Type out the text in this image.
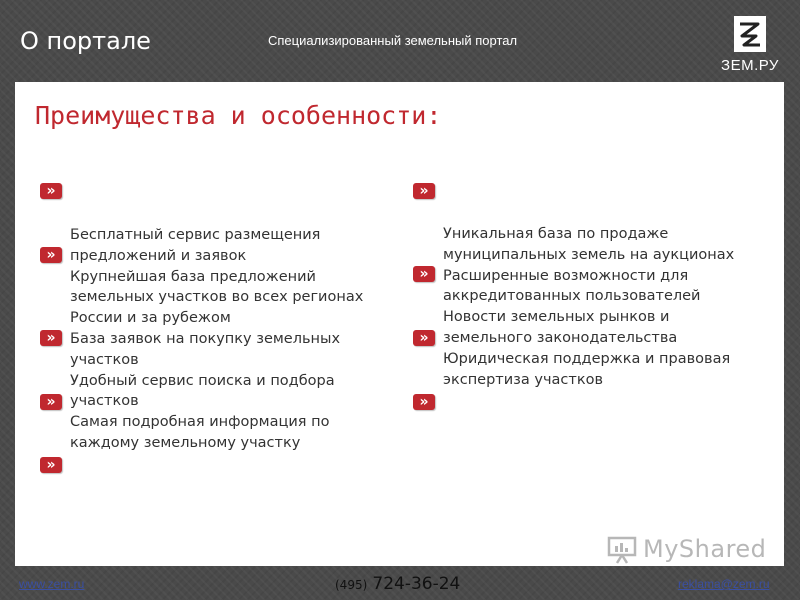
О портале	Специализированный земельный портал
ЗЕМ.РУ
Преимущества и особенности:
»
»
»
»
»

Бесплатный сервис размещения

предложений и заявок

Крупнейшая база предложений

земельных участков во всех регионах

России и за рубежом

База заявок на покупку земельных

участков

Удобный сервис поиска и подбора

участков

Самая подробная информация по

каждому земельному участку

»
»
»
»

Уникальная база по продаже

муниципальных земель на аукционах

Расширенные возможности для

аккредитованных пользователей

Новости земельных рынков и

земельного законодательства

Юридическая поддержка и правовая

экспертиза участков

MyShared
www.zem.ru	(495) 724-36-24	reklama@zem.ru
